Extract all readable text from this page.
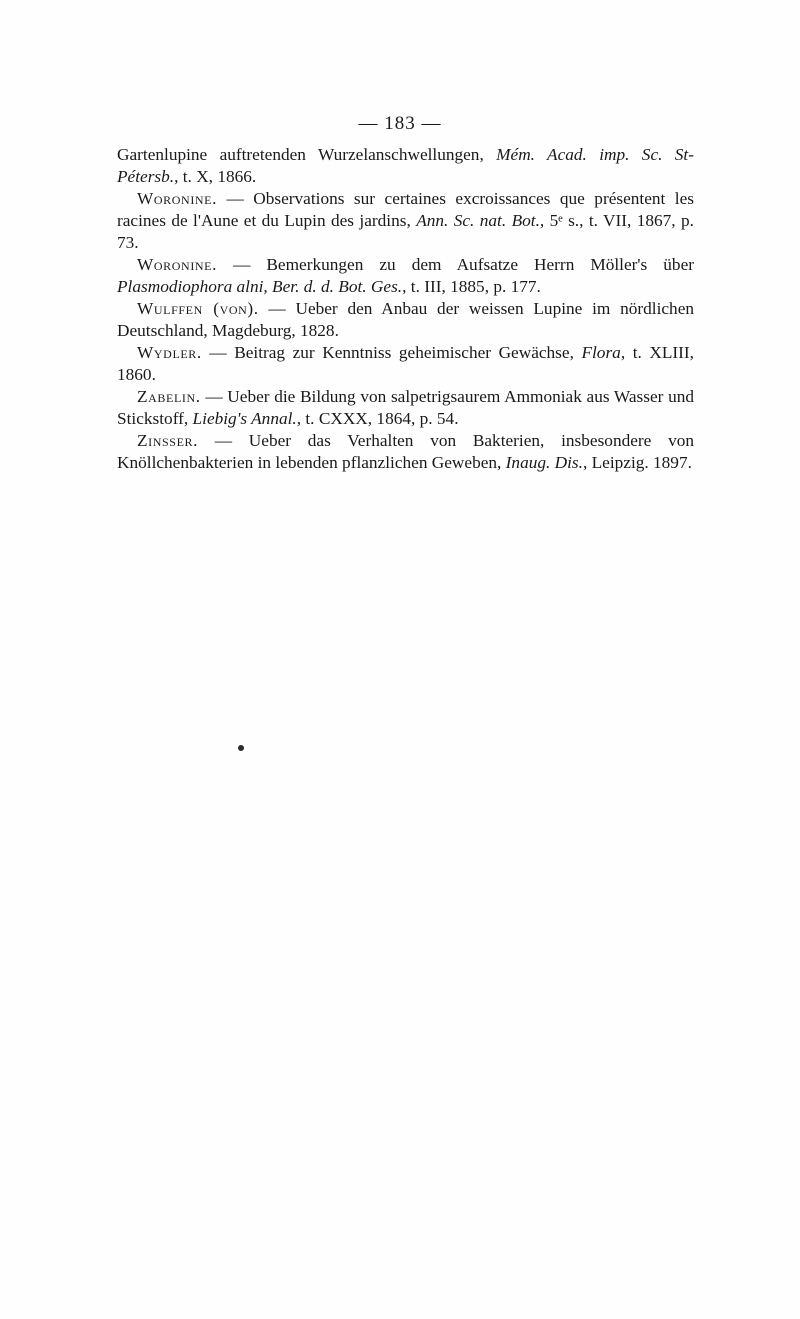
— 183 —

Gartenlupine auftretenden Wurzelanschwellungen, Mém. Acad. imp. Sc. St-Pétersb., t. X, 1866.

Woronine. — Observations sur certaines excroissances que présentent les racines de l'Aune et du Lupin des jardins, Ann. Sc. nat. Bot., 5ᵉ s., t. VII, 1867, p. 73.

Woronine. — Bemerkungen zu dem Aufsatze Herrn Möller's über Plasmodiophora alni, Ber. d. d. Bot. Ges., t. III, 1885, p. 177.

Wulffen (von). — Ueber den Anbau der weissen Lupine im nördlichen Deutschland, Magdeburg, 1828.

Wydler. — Beitrag zur Kenntniss geheimischer Gewächse, Flora, t. XLIII, 1860.

Zabelin. — Ueber die Bildung von salpetrigsaurem Ammoniak aus Wasser und Stickstoff, Liebig's Annal., t. CXXX, 1864, p. 54.

Zinsser. — Ueber das Verhalten von Bakterien, insbesondere von Knöllchenbakterien in lebenden pflanzlichen Geweben, Inaug. Dis., Leipzig. 1897.
